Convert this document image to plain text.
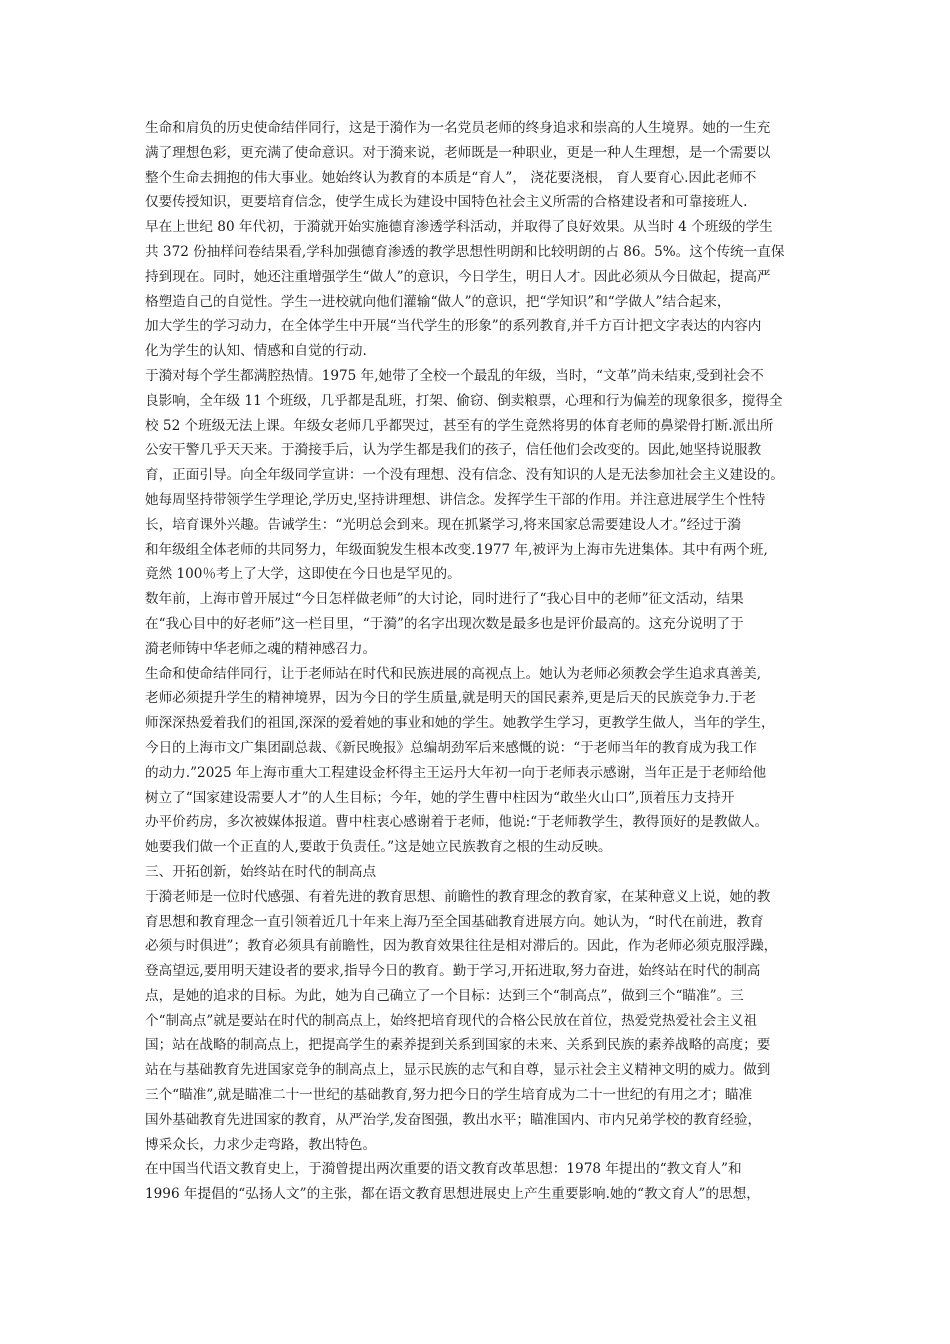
生命和肩负的历史使命结伴同行，这是于漪作为一名党员老师的终身追求和崇高的人生境界。她的一生充
满了理想色彩，更充满了使命意识。对于漪来说，老师既是一种职业，更是一种人生理想，是一个需要以
整个生命去拥抱的伟大事业。她始终认为教育的本质是“育人”， 浇花要浇根， 育人要育心.因此老师不
仅要传授知识，更要培育信念，使学生成长为建设中国特色社会主义所需的合格建设者和可靠接班人.
早在上世纪 80 年代初，于漪就开始实施德育渗透学科活动，并取得了良好效果。从当时 4 个班级的学生
共 372 份抽样问卷结果看,学科加强德育渗透的教学思想性明朗和比较明朗的占 86。5%。这个传统一直保
持到现在。同时，她还注重增强学生“做人”的意识，今日学生，明日人才。因此必须从今日做起，提高严
格塑造自己的自觉性。学生一进校就向他们灌输“做人”的意识，把“学知识”和“学做人”结合起来，
加大学生的学习动力，在全体学生中开展“当代学生的形象”的系列教育,并千方百计把文字表达的内容内
化为学生的认知、情感和自觉的行动.
于漪对每个学生都满腔热情。1975 年,她带了全校一个最乱的年级，当时，“文革”尚未结束,受到社会不
良影响，全年级 11 个班级，几乎都是乱班，打架、偷窃、倒卖粮票，心理和行为偏差的现象很多，搅得全
校 52 个班级无法上课。年级女老师几乎都哭过，甚至有的学生竟然将男的体育老师的鼻梁骨打断.派出所
公安干警几乎天天来。于漪接手后，认为学生都是我们的孩子，信任他们会改变的。因此,她坚持说服教
育，正面引导。向全年级同学宣讲：一个没有理想、没有信念、没有知识的人是无法参加社会主义建设的。
她每周坚持带领学生学理论,学历史,坚持讲理想、讲信念。发挥学生干部的作用。并注意进展学生个性特
长，培育课外兴趣。告诫学生：“光明总会到来。现在抓紧学习,将来国家总需要建设人才。”经过于漪
和年级组全体老师的共同努力，年级面貌发生根本改变.1977 年,被评为上海市先进集体。其中有两个班,
竟然 100％考上了大学，这即使在今日也是罕见的。
数年前，上海市曾开展过“今日怎样做老师”的大讨论，同时进行了“我心目中的老师”征文活动，结果
在“我心目中的好老师”这一栏目里，“于漪”的名字出现次数是最多也是评价最高的。这充分说明了于
漪老师铸中华老师之魂的精神感召力。
生命和使命结伴同行，让于老师站在时代和民族进展的高视点上。她认为老师必须教会学生追求真善美,
老师必须提升学生的精神境界，因为今日的学生质量,就是明天的国民素养,更是后天的民族竞争力.于老
师深深热爱着我们的祖国,深深的爱着她的事业和她的学生。她教学生学习，更教学生做人，当年的学生，
今日的上海市文广集团副总裁、《新民晚报》总编胡劲军后来感慨的说：“于老师当年的教育成为我工作
的动力.”2025 年上海市重大工程建设金杯得主王运丹大年初一向于老师表示感谢，当年正是于老师给他
树立了“国家建设需要人才”的人生目标；今年，她的学生曹中柱因为“敢坐火山口”,顶着压力支持开
办平价药房，多次被媒体报道。曹中柱衷心感谢着于老师，他说:“于老师教学生，教得顶好的是教做人。
她要我们做一个正直的人,要敢于负责任。”这是她立民族教育之根的生动反映。
三、开拓创新，始终站在时代的制高点
于漪老师是一位时代感强、有着先进的教育思想、前瞻性的教育理念的教育家，在某种意义上说，她的教
育思想和教育理念一直引领着近几十年来上海乃至全国基础教育进展方向。她认为，“时代在前进，教育
必须与时俱进”；教育必须具有前瞻性，因为教育效果往往是相对滞后的。因此，作为老师必须克服浮躁，
登高望远,要用明天建设者的要求,指导今日的教育。勤于学习,开拓进取,努力奋进，始终站在时代的制高
点，是她的追求的目标。为此，她为自己确立了一个目标：达到三个“制高点”，做到三个“瞄准”。三
个“制高点”就是要站在时代的制高点上，始终把培育现代的合格公民放在首位，热爱党热爱社会主义祖
国；站在战略的制高点上，把提高学生的素养提到关系到国家的未来、关系到民族的素养战略的高度；要
站在与基础教育先进国家竞争的制高点上，显示民族的志气和自尊，显示社会主义精神文明的威力。做到
三个“瞄准”,就是瞄准二十一世纪的基础教育,努力把今日的学生培育成为二十一世纪的有用之才；瞄准
国外基础教育先进国家的教育，从严治学,发奋图强，教出水平；瞄准国内、市内兄弟学校的教育经验，
博采众长，力求少走弯路，教出特色。
在中国当代语文教育史上，于漪曾提出两次重要的语文教育改革思想：1978 年提出的“教文育人”和
1996 年提倡的“弘扬人文”的主张，都在语文教育思想进展史上产生重要影响.她的“教文育人”的思想，
